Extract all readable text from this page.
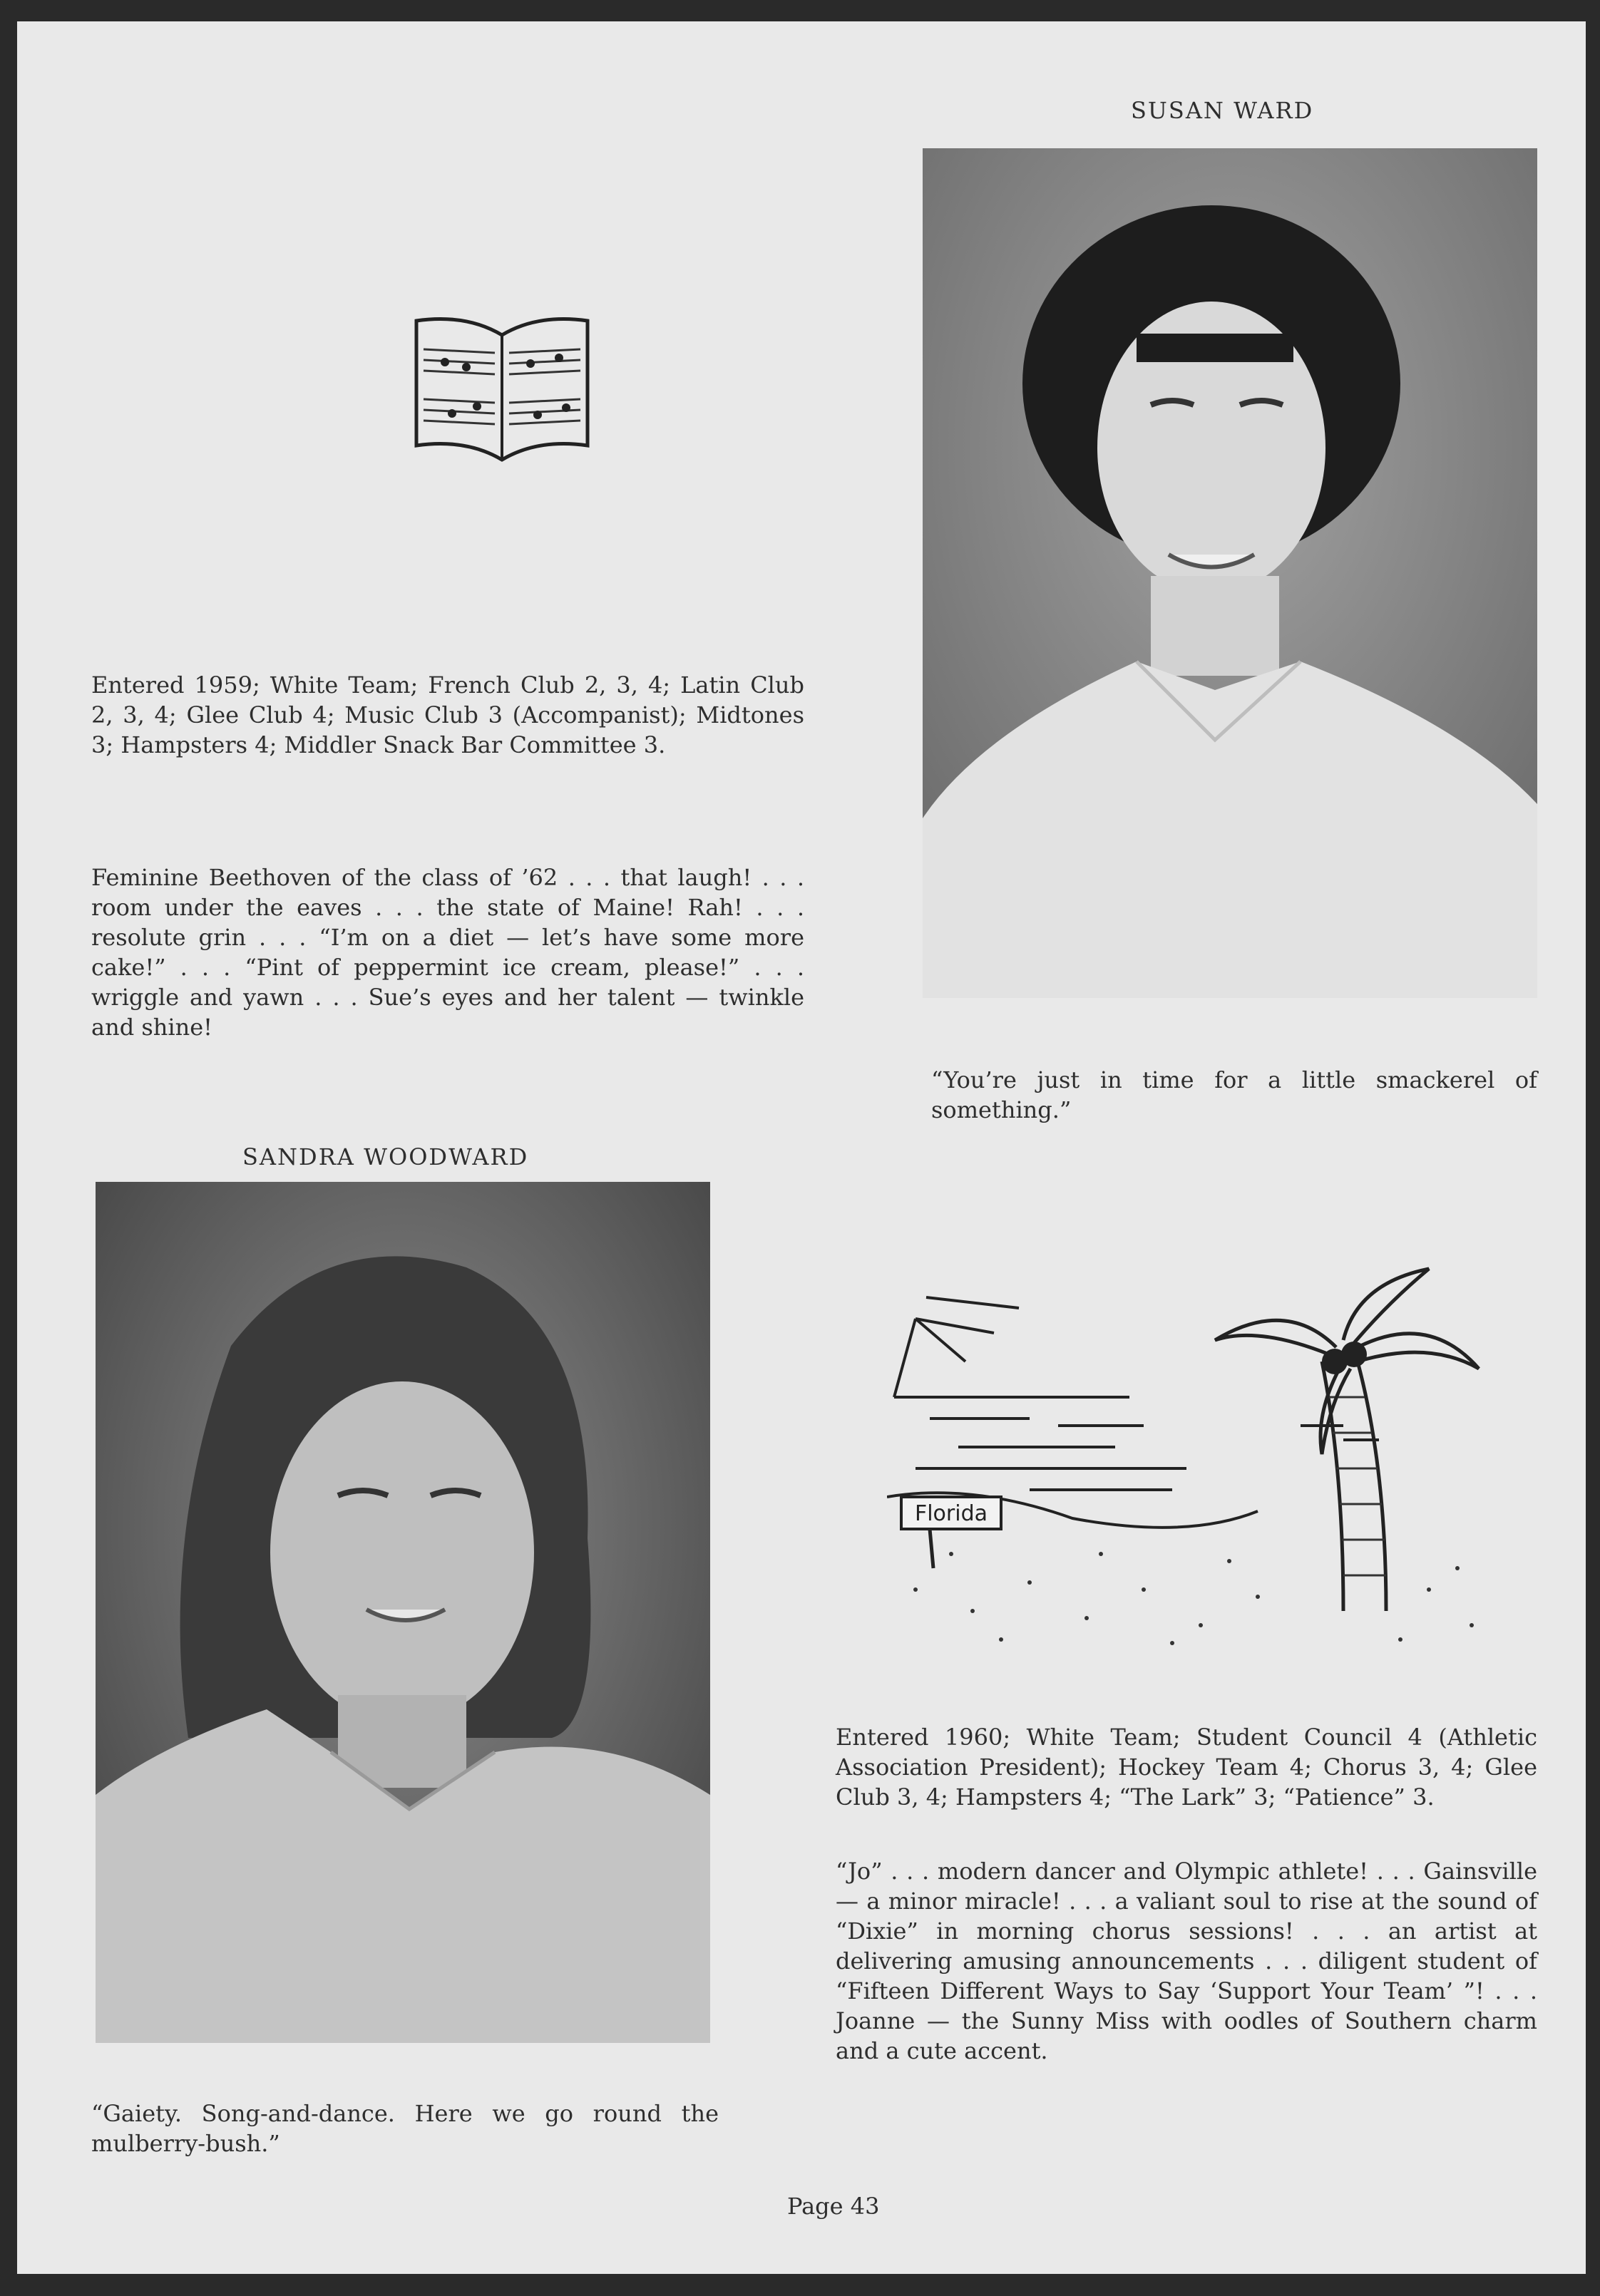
SUSAN WARD
Entered 1959; White Team; French Club 2, 3, 4; Latin Club 2, 3, 4; Glee Club 4; Music Club 3 (Accompanist); Midtones 3; Hampsters 4; Middler Snack Bar Committee 3.
Feminine Beethoven of the class of ’62 . . . that laugh! . . . room under the eaves . . . the state of Maine! Rah! . . . resolute grin . . . “I’m on a diet — let’s have some more cake!” . . . “Pint of peppermint ice cream, please!” . . . wriggle and yawn . . . Sue’s eyes and her talent — twinkle and shine!
“You’re just in time for a little smackerel of something.”
SANDRA WOODWARD
“Gaiety. Song-and-dance. Here we go round the mulberry-bush.”
Florida
Entered 1960; White Team; Student Council 4 (Athletic Association President); Hockey Team 4; Chorus 3, 4; Glee Club 3, 4; Hampsters 4; “The Lark” 3; “Patience” 3.
“Jo” . . . modern dancer and Olympic athlete! . . . Gainsville — a minor miracle! . . . a valiant soul to rise at the sound of “Dixie” in morning chorus sessions! . . . an artist at delivering amusing announcements . . . diligent student of “Fifteen Different Ways to Say ‘Support Your Team’ ”! . . . Joanne — the Sunny Miss with oodles of Southern charm and a cute accent.
Page 43
